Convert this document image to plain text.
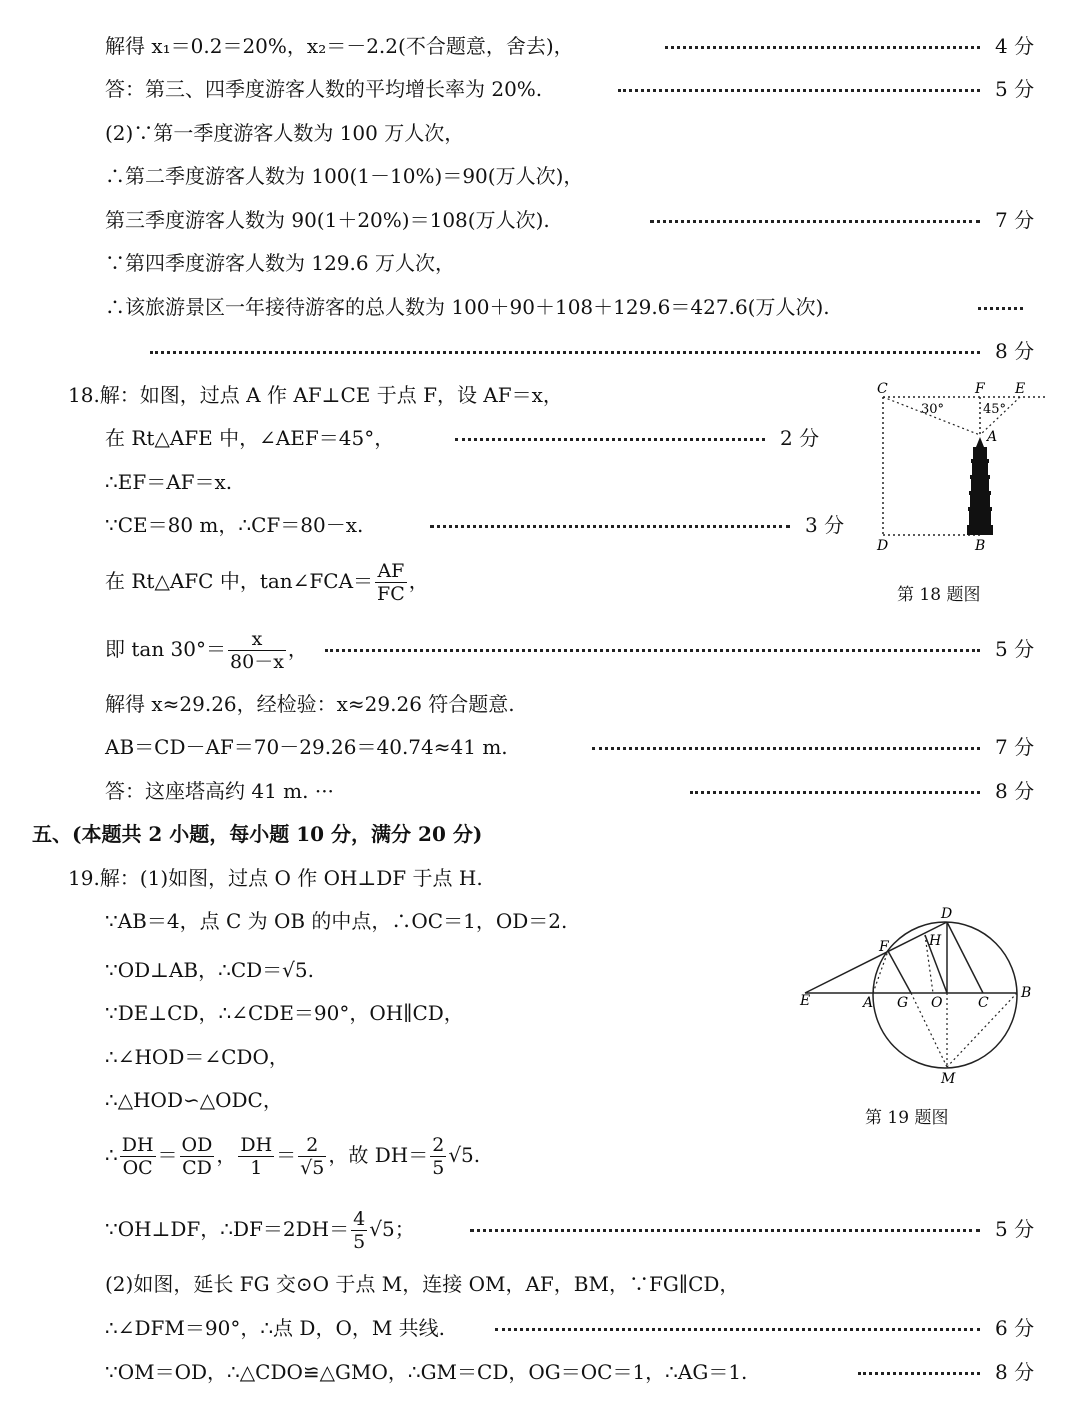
解得 x₁＝0.2＝20%，x₂＝－2.2(不合题意，舍去)，	4 分
答：第三、四季度游客人数的平均增长率为 20%.	5 分
(2)∵第一季度游客人数为 100 万人次，
∴第二季度游客人数为 100(1－10%)＝90(万人次)，
第三季度游客人数为 90(1＋20%)＝108(万人次).	7 分
∵第四季度游客人数为 129.6 万人次，
∴该旅游景区一年接待游客的总人数为 100＋90＋108＋129.6＝427.6(万人次).
8 分
18.解：如图，过点 A 作 AF⊥CE 于点 F，设 AF＝x，
在 Rt△AFE 中，∠AEF＝45°，	2 分
∴EF＝AF＝x.
∵CE＝80 m，∴CF＝80－x.	3 分
在 Rt△AFC 中，tan∠FCA＝ $\frac{AF}{FC}$ ，
即 $\tan 30^\circ= \frac{x}{80-x}$ ，	5 分
解得 x≈29.26，经检验：x≈29.26 符合题意.
AB＝CD－AF＝70－29.26＝40.74≈41 m.	7 分
答：这座塔高约 41 m. ···	8 分
五、(本题共 2 小题，每小题 10 分，满分 20 分)
19.解：(1)如图，过点 O 作 OH⊥DF 于点 H.
∵AB＝4，点 C 为 OB 的中点，∴OC＝1，OD＝2.
∵OD⊥AB，∴CD＝√5.
∵DE⊥CD，∴∠CDE＝90°，OH∥CD，
∴∠HOD＝∠CDO，
∴△HOD∽△ODC，
∴ $\frac{DH}{OC} = \frac{OD}{CD}$ ， $\frac{DH}{1} = \frac{2}{√5}$ ，故 $DH= \frac{2}{5} √5$.
∵OH⊥DF，∴DF＝2DH＝ $\frac{4}{5} √5$；	5 分
(2)如图，延长 FG 交⊙O 于点 M，连接 OM，AF，BM，∵FG∥CD，
∴∠DFM＝90°，∴点 D，O，M 共线.	6 分
∵OM＝OD，∴△CDO≌△GMO，∴GM＝CD，OG＝OC＝1，∴AG＝1.	8 分
C	F E
A
D	B
30°	45°
第 18 题图
D
H
F
E	A G O	C
B
M
第 19 题图
